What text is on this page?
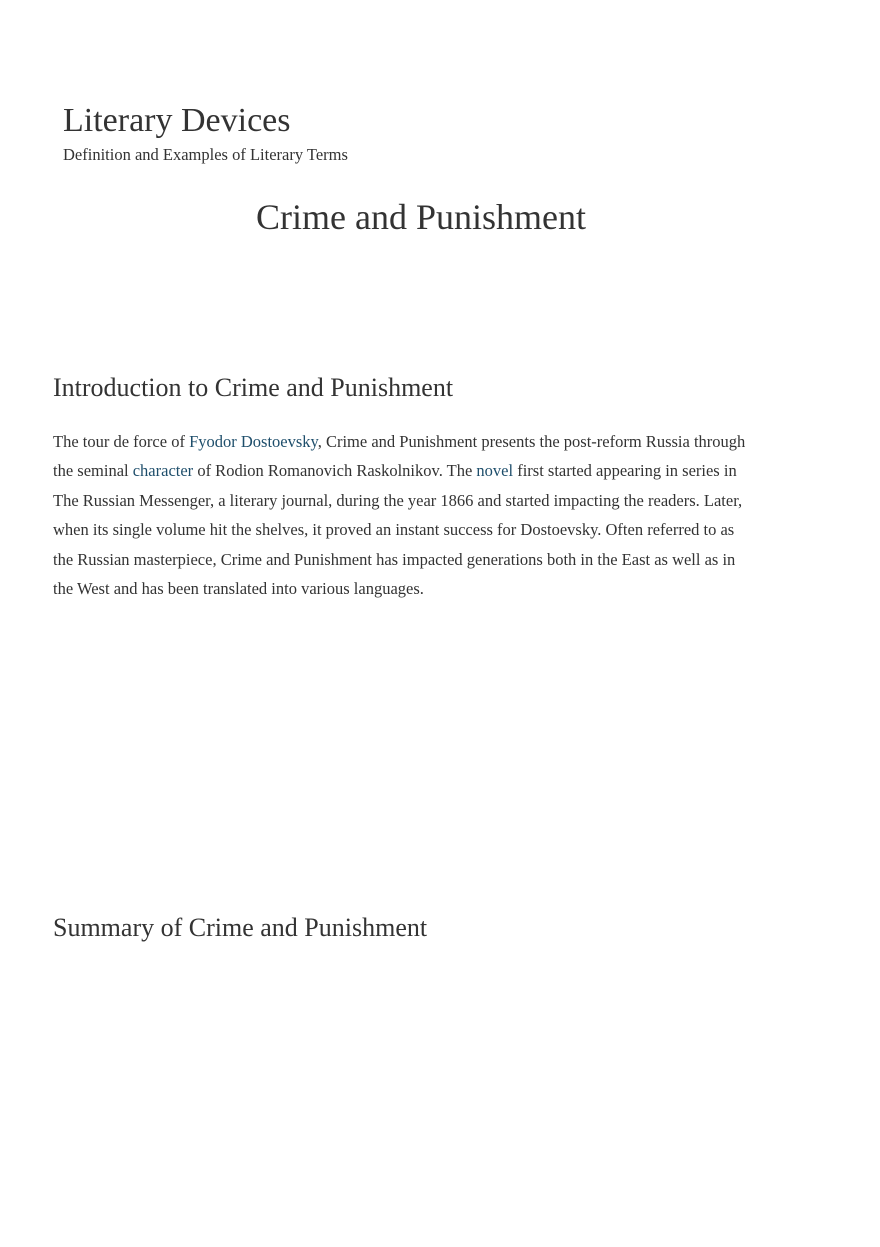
Literary Devices
Definition and Examples of Literary Terms
Crime and Punishment
Introduction to Crime and Punishment

The tour de force of Fyodor Dostoevsky, Crime and Punishment presents the post-reform Russia through the seminal character of Rodion Romanovich Raskolnikov. The novel first started appearing in series in The Russian Messenger, a literary journal, during the year 1866 and started impacting the readers. Later, when its single volume hit the shelves, it proved an instant success for Dostoevsky. Often referred to as the Russian masterpiece, Crime and Punishment has impacted generations both in the East as well as in the West and has been translated into various languages.

Summary of Crime and Punishment
